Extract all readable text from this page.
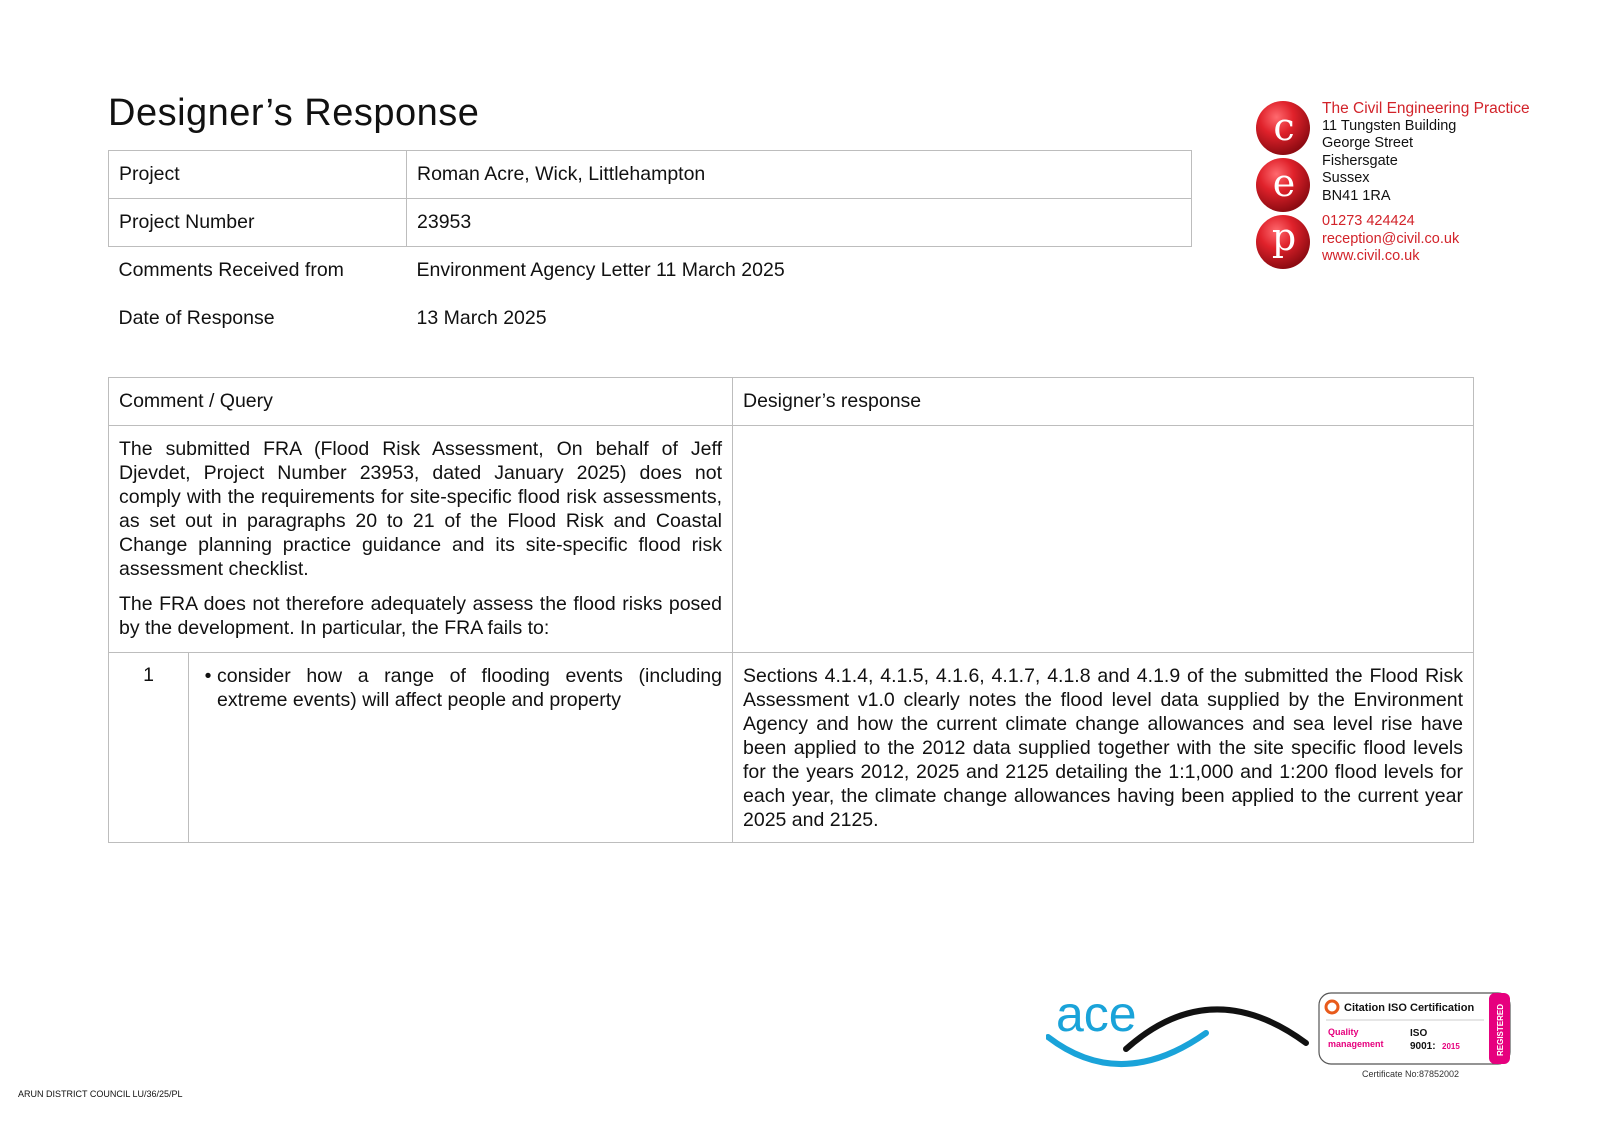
Designer’s Response
Project	Roman Acre, Wick, Littlehampton
Project Number	23953
Comments Received from	Environment Agency Letter 11 March 2025
Date of Response	13 March 2025
c
e
p
The Civil Engineering Practice
11 Tungsten Building
George Street
Fishersgate
Sussex
BN41 1RA
01273 424424
reception@civil.co.uk
www.civil.co.uk
Comment / Query		Designer’s response

The submitted FRA (Flood Risk Assessment, On behalf of Jeff Djevdet, Project Number 23953, dated January 2025) does not comply with the requirements for site-specific flood risk assessments, as set out in paragraphs 20 to 21 of the Flood Risk and Coastal Change planning practice guidance and its site-specific flood risk assessment checklist.

The FRA does not therefore adequately assess the flood risks posed by the development. In particular, the FRA fails to:		

1	• consider how a range of flooding events (including extreme events) will affect people and property	Sections 4.1.4, 4.1.5, 4.1.6, 4.1.7, 4.1.8 and 4.1.9 of the submitted the Flood Risk Assessment v1.0 clearly notes the flood level data supplied by the Environment Agency and how the current climate change allowances and sea level rise have been applied to the 2012 data supplied together with the site specific flood levels for the years 2012, 2025 and 2125 detailing the 1:1,000 and 1:200 flood levels for each year, the climate change allowances having been applied to the current year 2025 and 2125.
ace	Citation ISO Certification
Quality management
ISO
9001: 2015	REGISTERED
Certificate No:87852002
ARUN DISTRICT COUNCIL LU/36/25/PL
